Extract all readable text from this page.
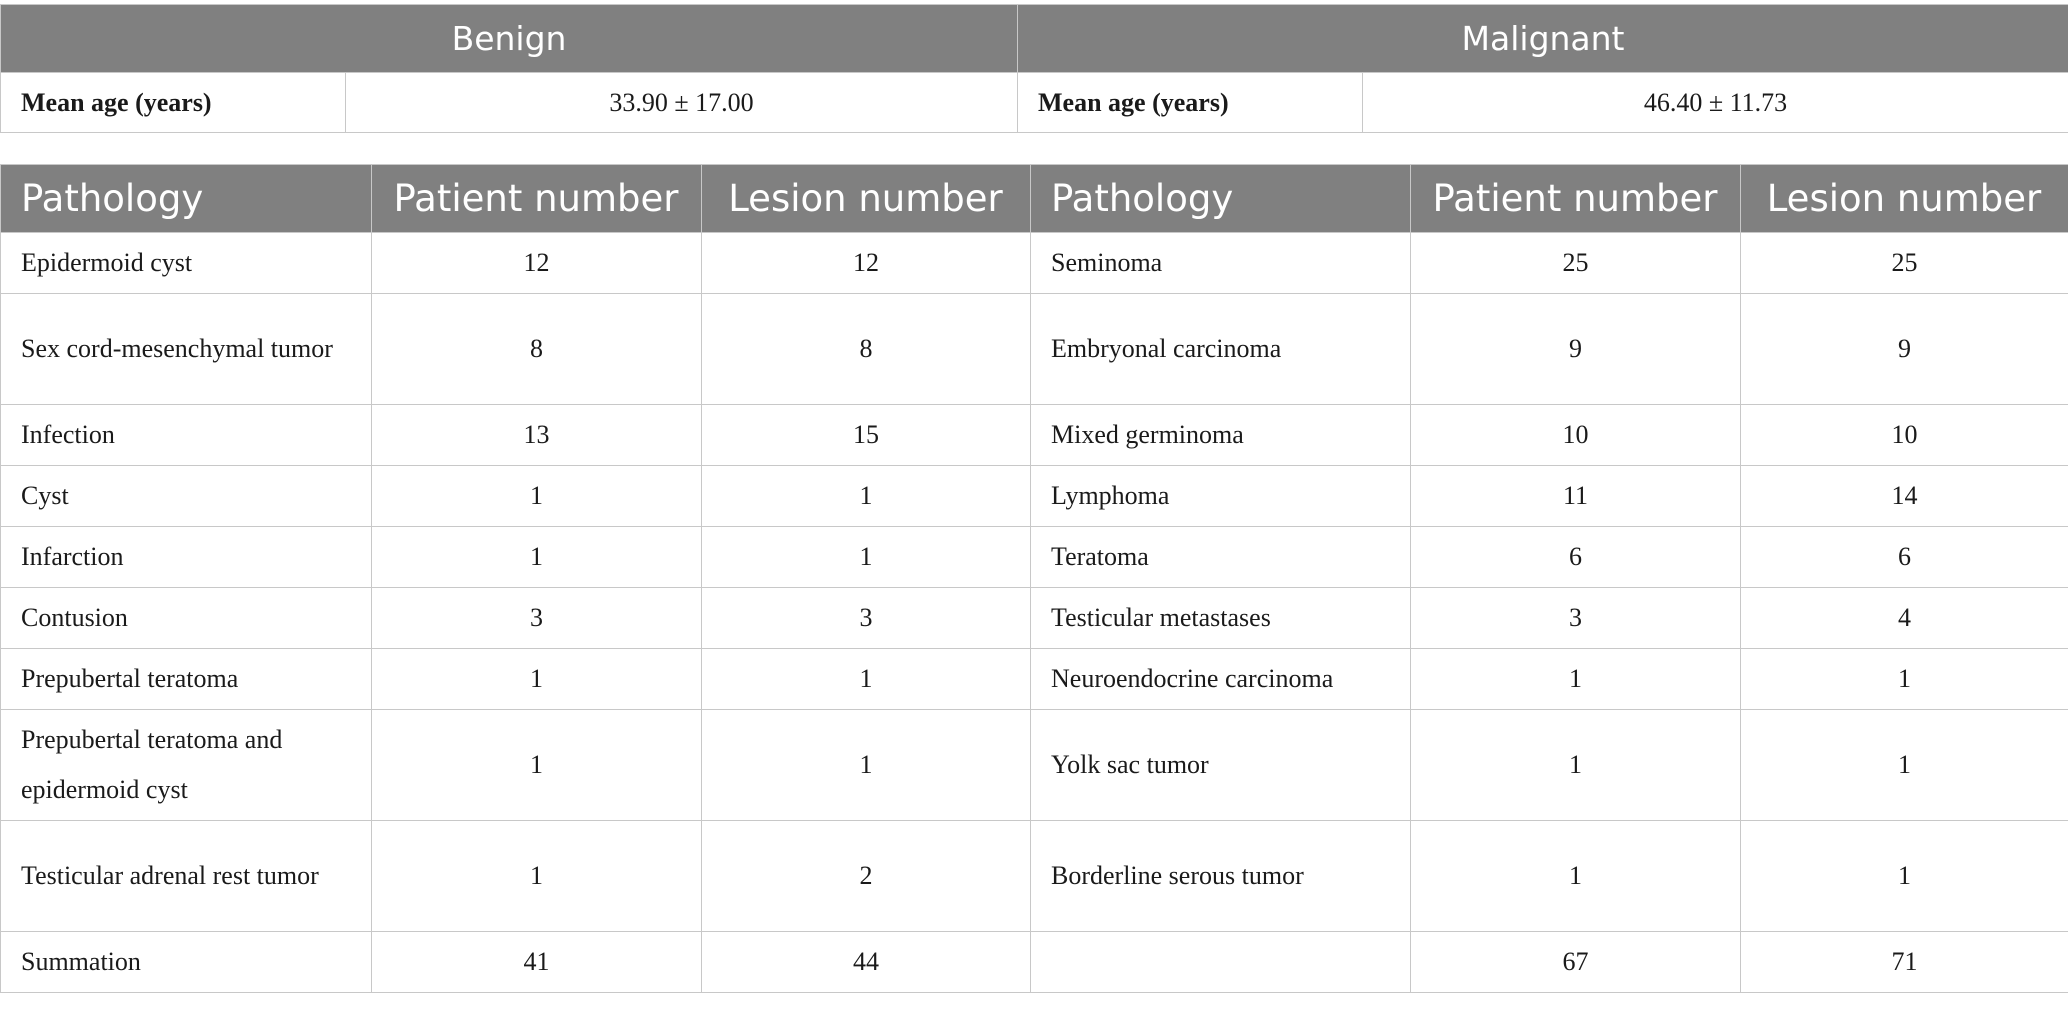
Benign		Malignant	
Mean age (years)	33.90 ± 17.00	Mean age (years)	46.40 ± 11.73
Pathology	Patient number	Lesion number	Pathology	Patient number	Lesion number
Epidermoid cyst	12	12	Seminoma	25	25
Sex cord-mesenchymal tumor	8	8	Embryonal carcinoma	9	9
Infection	13	15	Mixed germinoma	10	10
Cyst	1	1	Lymphoma	11	14
Infarction	1	1	Teratoma	6	6
Contusion	3	3	Testicular metastases	3	4
Prepubertal teratoma	1	1	Neuroendocrine carcinoma	1	1
Prepubertal teratoma and epidermoid cyst	1	1	Yolk sac tumor	1	1
Testicular adrenal rest tumor	1	2	Borderline serous tumor	1	1
Summation	41	44		67	71
